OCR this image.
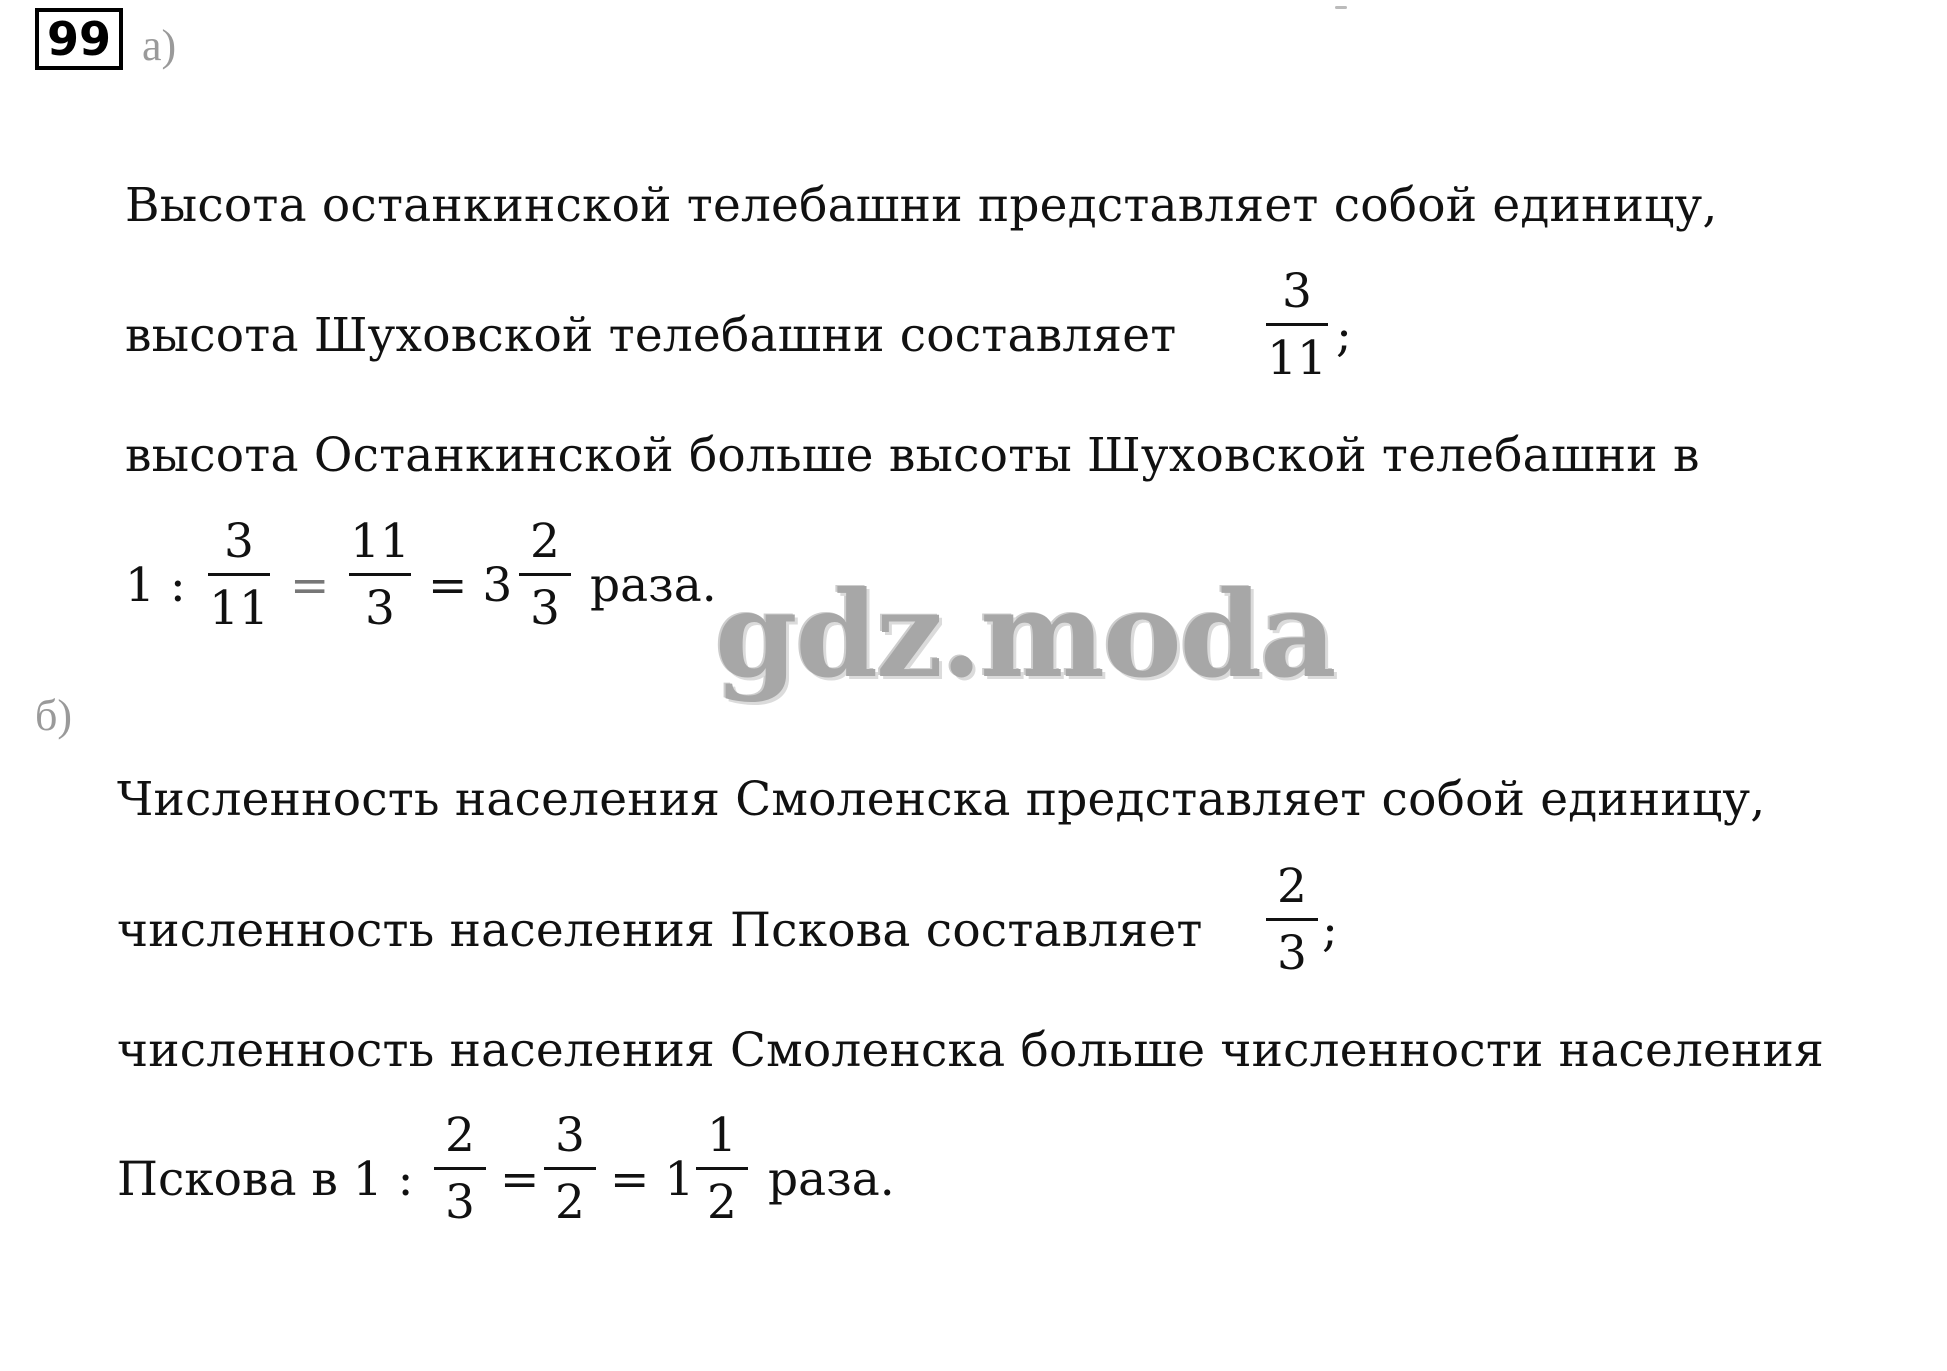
99 а)
Высота останкинской телебашни представляет собой единицу,
высота Шуховской телебашни составляет
3
11 ;
высота Останкинской больше высоты Шуховской телебашни в
1 :
3
11 =
11
3 = 3
2
3 раза.
gdz.moda
б)
Численность населения Смоленска представляет собой единицу,
численность населения Пскова составляет
2
3 ;
численность населения Смоленска больше численности населения
Пскова в 1 :
2
3 =
3
2 = 1
1
2 раза.
